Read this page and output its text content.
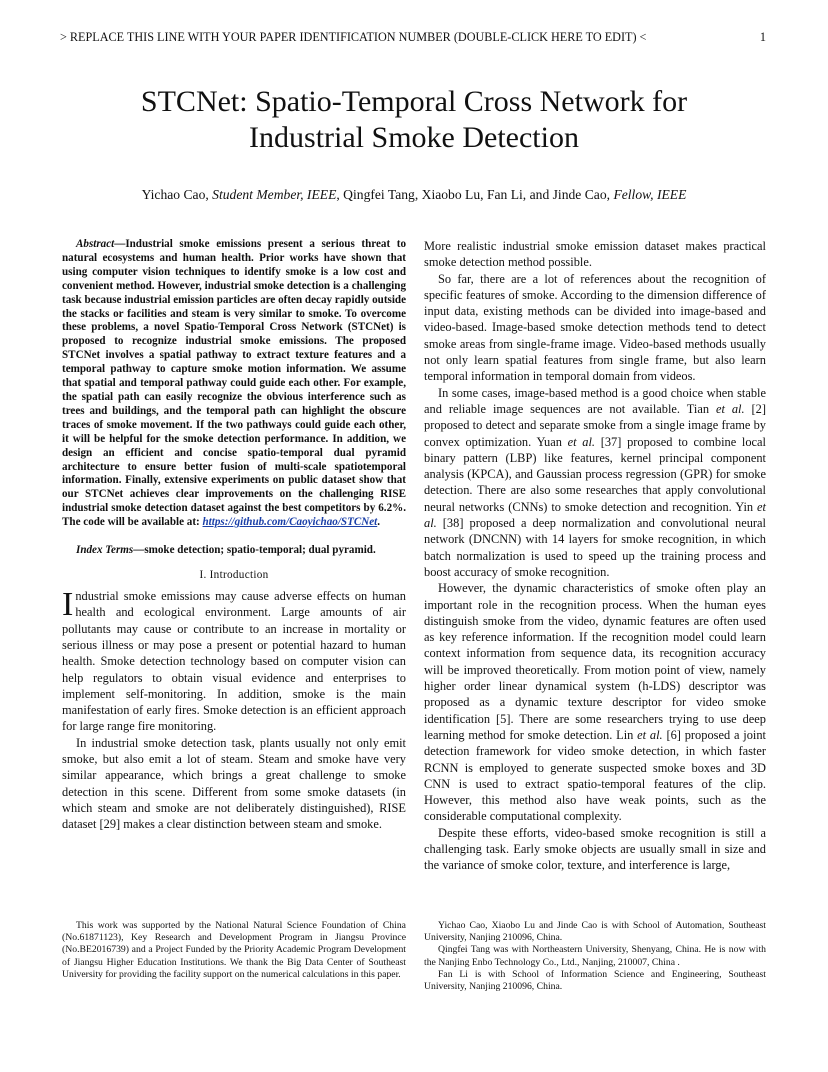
> REPLACE THIS LINE WITH YOUR PAPER IDENTIFICATION NUMBER (DOUBLE-CLICK HERE TO EDIT) <	1
STCNet: Spatio-Temporal Cross Network for
Industrial Smoke Detection
Yichao Cao, Student Member, IEEE, Qingfei Tang, Xiaobo Lu, Fan Li, and Jinde Cao, Fellow, IEEE

Abstract—Industrial smoke emissions present a serious threat to natural ecosystems and human health. Prior works have shown that using computer vision techniques to identify smoke is a low cost and convenient method. However, industrial smoke detection is a challenging task because industrial emission particles are often decay rapidly outside the stacks or facilities and steam is very similar to smoke. To overcome these problems, a novel Spatio-Temporal Cross Network (STCNet) is proposed to recognize industrial smoke emissions. The proposed STCNet involves a spatial pathway to extract texture features and a temporal pathway to capture smoke motion information. We assume that spatial and temporal pathway could guide each other. For example, the spatial path can easily recognize the obvious interference such as trees and buildings, and the temporal path can highlight the obscure traces of smoke movement. If the two pathways could guide each other, it will be helpful for the smoke detection performance. In addition, we design an efficient and concise spatio-temporal dual pyramid architecture to ensure better fusion of multi-scale spatiotemporal information. Finally, extensive experiments on public dataset show that our STCNet achieves clear improvements on the challenging RISE industrial smoke detection dataset against the best competitors by 6.2%. The code will be available at: https://github.com/Caoyichao/STCNet.

Index Terms—smoke detection; spatio-temporal; dual pyramid.

I. Introduction

Industrial smoke emissions may cause adverse effects on human health and ecological environment. Large amounts of air pollutants may cause or contribute to an increase in mortality or serious illness or may pose a present or potential hazard to human health. Smoke detection technology based on computer vision can help regulators to obtain visual evidence and enterprises to implement self-monitoring. In addition, smoke is the main manifestation of early fires. Smoke detection is an efficient approach for large range fire monitoring.

In industrial smoke detection task, plants usually not only emit smoke, but also emit a lot of steam. Steam and smoke have very similar appearance, which brings a great challenge to smoke detection in this scene. Different from some smoke datasets (in which steam and smoke are not deliberately distinguished), RISE dataset [29] makes a clear distinction between steam and smoke.

More realistic industrial smoke emission dataset makes practical smoke detection method possible.

So far, there are a lot of references about the recognition of specific features of smoke. According to the dimension difference of input data, existing methods can be divided into image-based and video-based. Image-based smoke detection methods tend to detect smoke areas from single-frame image. Video-based methods usually not only learn spatial features from single frame, but also learn temporal information in temporal domain from videos.

In some cases, image-based method is a good choice when stable and reliable image sequences are not available. Tian et al. [2] proposed to detect and separate smoke from a single image frame by convex optimization. Yuan et al. [37] proposed to combine local binary pattern (LBP) like features, kernel principal component analysis (KPCA), and Gaussian process regression (GPR) for smoke detection. There are also some researches that apply convolutional neural networks (CNNs) to smoke detection and recognition. Yin et al. [38] proposed a deep normalization and convolutional neural network (DNCNN) with 14 layers for smoke recognition, in which batch normalization is used to speed up the training process and boost accuracy of smoke recognition.

However, the dynamic characteristics of smoke often play an important role in the recognition process. When the human eyes distinguish smoke from the video, dynamic features are often used as key reference information. If the recognition model could learn context information from sequence data, its recognition accuracy will be improved theoretically. From motion point of view, namely higher order linear dynamical system (h-LDS) descriptor was proposed as a dynamic texture descriptor for video smoke identification [5]. There are some researchers trying to use deep learning method for smoke detection. Lin et al. [6] proposed a joint detection framework for video smoke detection, in which faster RCNN is employed to generate suspected smoke boxes and 3D CNN is used to extract spatio-temporal features of the clip. However, this method also have weak points, such as the considerable computational complexity.

Despite these efforts, video-based smoke recognition is still a challenging task. Early smoke objects are usually small in size and the variance of smoke color, texture, and interference is large,

This work was supported by the National Natural Science Foundation of China (No.61871123), Key Research and Development Program in Jiangsu Province (No.BE2016739) and a Project Funded by the Priority Academic Program Development of Jiangsu Higher Education Institutions. We thank the Big Data Center of Southeast University for providing the facility support on the numerical calculations in this paper.

Yichao Cao, Xiaobo Lu and Jinde Cao is with School of Automation, Southeast University, Nanjing 210096, China.

Qingfei Tang was with Northeastern University, Shenyang, China. He is now with the Nanjing Enbo Technology Co., Ltd., Nanjing, 210007, China .

Fan Li is with School of Information Science and Engineering, Southeast University, Nanjing 210096, China.
